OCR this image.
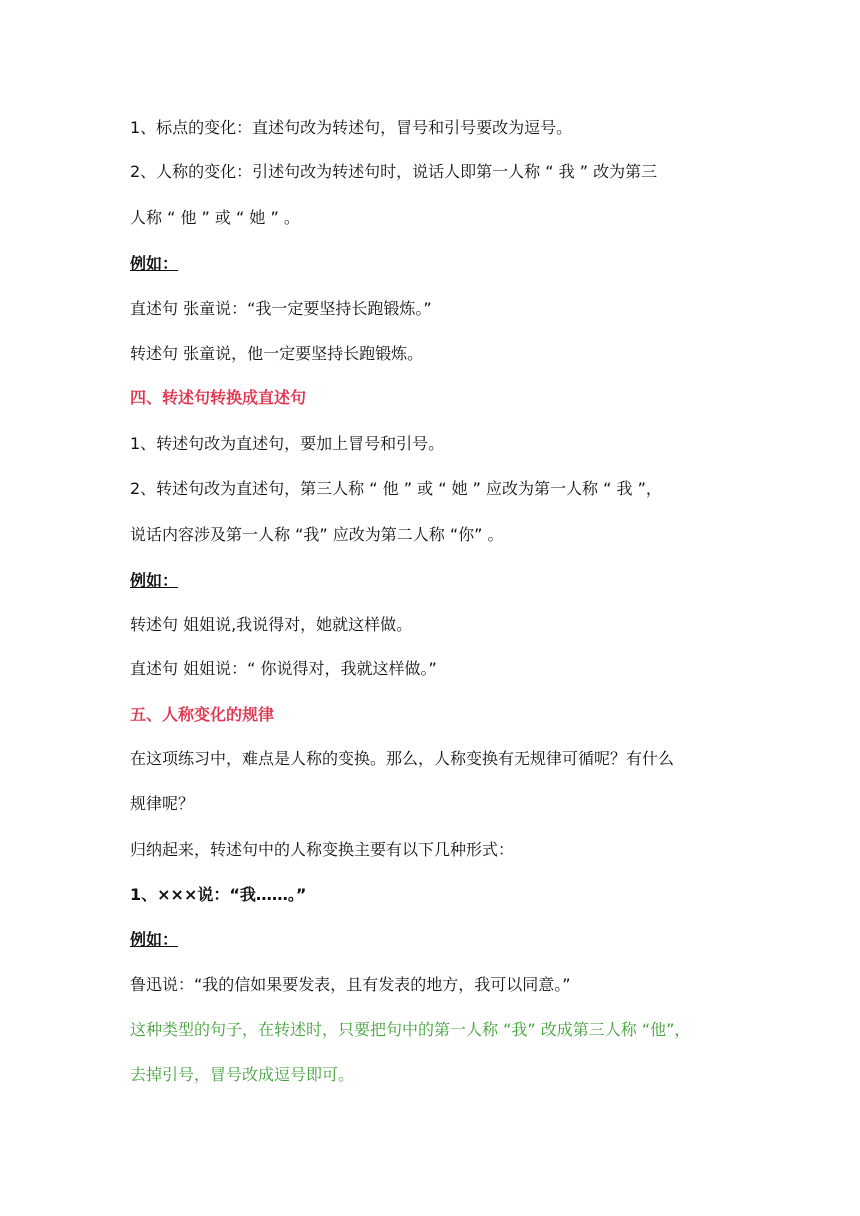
1、标点的变化：直述句改为转述句，冒号和引号要改为逗号。
2、人称的变化：引述句改为转述句时，说话人即第一人称 “ 我 ” 改为第三
人称 “ 他 ” 或 “ 她 ” 。
例如：
直述句 张童说：“我一定要坚持长跑锻炼。”
转述句 张童说，他一定要坚持长跑锻炼。
四、转述句转换成直述句
1、转述句改为直述句，要加上冒号和引号。
2、转述句改为直述句，第三人称 “ 他 ” 或 “ 她 ” 应改为第一人称 “ 我 ”，
说话内容涉及第一人称 “我” 应改为第二人称 “你” 。
例如：
转述句 姐姐说,我说得对，她就这样做。
直述句 姐姐说：“ 你说得对，我就这样做。”
五、人称变化的规律
在这项练习中，难点是人称的变换。那么，人称变换有无规律可循呢？有什么
规律呢？
归纳起来，转述句中的人称变换主要有以下几种形式：
1、×××说：“我……。”
例如：
鲁迅说：“我的信如果要发表，且有发表的地方，我可以同意。”
这种类型的句子，在转述时，只要把句中的第一人称 “我” 改成第三人称 “他”，
去掉引号，冒号改成逗号即可。
